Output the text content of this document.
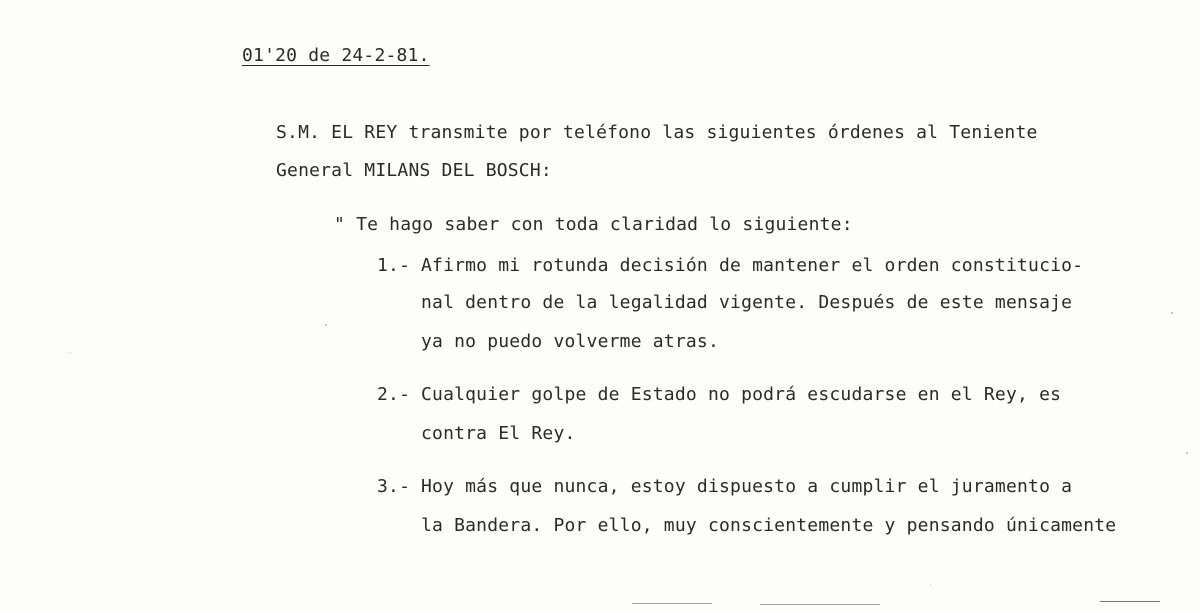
01'20 de 24-2-81.
S.M. EL REY transmite por teléfono las siguientes órdenes al Teniente
General MILANS DEL BOSCH:
" Te hago saber con toda claridad lo siguiente:
1.- Afirmo mi rotunda decisión de mantener el orden constitucio-
nal dentro de la legalidad vigente. Después de este mensaje
ya no puedo volverme atras.
2.- Cualquier golpe de Estado no podrá escudarse en el Rey, es
contra El Rey.
3.- Hoy más que nunca, estoy dispuesto a cumplir el juramento a
la Bandera. Por ello, muy conscientemente y pensando únicamente
